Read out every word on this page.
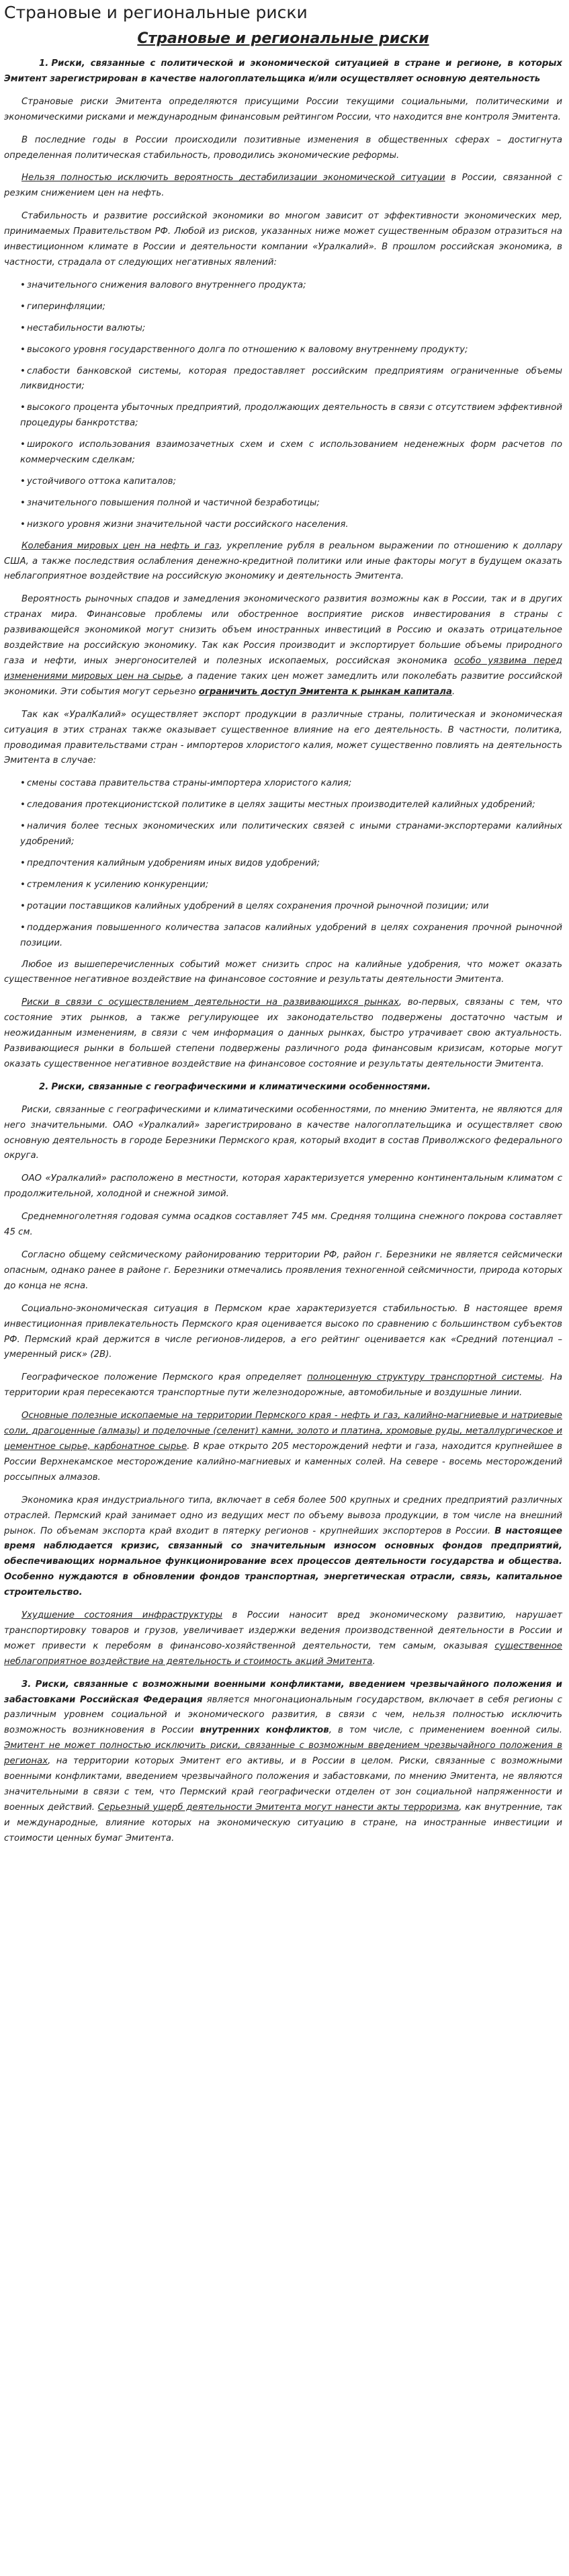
Страновые и региональные риски
Страновые и региональные риски

1. Риски, связанные с политической и экономической ситуацией в стране и регионе, в которых Эмитент зарегистрирован в качестве налогоплательщика и/или осуществляет основную деятельность

Страновые риски Эмитента определяются присущими России текущими социальными, политическими и экономическими рисками и международным финансовым рейтингом России, что находится вне контроля Эмитента.

В последние годы в России происходили позитивные изменения в общественных сферах – достигнута определенная политическая стабильность, проводились экономические реформы.

Нельзя полностью исключить вероятность дестабилизации экономической ситуации в России, связанной с резким снижением цен на нефть.

Стабильность и развитие российской экономики во многом зависит от эффективности экономических мер, принимаемых Правительством РФ. Любой из рисков, указанных ниже может существенным образом отразиться на инвестиционном климате в России и деятельности компании «Уралкалий». В прошлом российская экономика, в частности, страдала от следующих негативных явлений:

• значительного снижения валового внутреннего продукта;

• гиперинфляции;

• нестабильности валюты;

• высокого уровня государственного долга по отношению к валовому внутреннему продукту;

• слабости банковской системы, которая предоставляет российским предприятиям ограниченные объемы ликвидности;

• высокого процента убыточных предприятий, продолжающих деятельность в связи с отсутствием эффективной процедуры банкротства;

• широкого использования взаимозачетных схем и схем с использованием неденежных форм расчетов по коммерческим сделкам;

• устойчивого оттока капиталов;

• значительного повышения полной и частичной безработицы;

• низкого уровня жизни значительной части российского населения.

Колебания мировых цен на нефть и газ, укрепление рубля в реальном выражении по отношению к доллару США, а также последствия ослабления денежно-кредитной политики или иные факторы могут в будущем оказать неблагоприятное воздействие на российскую экономику и деятельность Эмитента.

Вероятность рыночных спадов и замедления экономического развития возможны как в России, так и в других странах мира. Финансовые проблемы или обостренное восприятие рисков инвестирования в страны с развивающейся экономикой могут снизить объем иностранных инвестиций в Россию и оказать отрицательное воздействие на российскую экономику. Так как Россия производит и экспортирует большие объемы природного газа и нефти, иных энергоносителей и полезных ископаемых, российская экономика особо уязвима перед изменениями мировых цен на сырье, а падение таких цен может замедлить или поколебать развитие российской экономики. Эти события могут серьезно ограничить доступ Эмитента к рынкам капитала.

Так как «УралКалий» осуществляет экспорт продукции в различные страны, политическая и экономическая ситуация в этих странах также оказывает существенное влияние на его деятельность. В частности, политика, проводимая правительствами стран - импортеров хлористого калия, может существенно повлиять на деятельность Эмитента в случае:

• смены состава правительства страны-импортера хлористого калия;

• следования протекционистской политике в целях защиты местных производителей калийных удобрений;

• наличия более тесных экономических или политических связей с иными странами-экспортерами калийных удобрений;

• предпочтения калийным удобрениям иных видов удобрений;

• стремления к усилению конкуренции;

• ротации поставщиков калийных удобрений в целях сохранения прочной рыночной позиции; или

• поддержания повышенного количества запасов калийных удобрений в целях сохранения прочной рыночной позиции.

Любое из вышеперечисленных событий может снизить спрос на калийные удобрения, что может оказать существенное негативное воздействие на финансовое состояние и результаты деятельности Эмитента.

Риски в связи с осуществлением деятельности на развивающихся рынках, во-первых, связаны с тем, что состояние этих рынков, а также регулирующее их законодательство подвержены достаточно частым и неожиданным изменениям, в связи с чем информация о данных рынках, быстро утрачивает свою актуальность. Развивающиеся рынки в большей степени подвержены различного рода финансовым кризисам, которые могут оказать существенное негативное воздействие на финансовое состояние и результаты деятельности Эмитента.

2. Риски, связанные с географическими и климатическими особенностями.

Риски, связанные с географическими и климатическими особенностями, по мнению Эмитента, не являются для него значительными. ОАО «Уралкалий» зарегистрировано в качестве налогоплательщика и осуществляет свою основную деятельность в городе Березники Пермского края, который входит в состав Приволжского федерального округа.

ОАО «Уралкалий» расположено в местности, которая характеризуется умеренно континентальным климатом с продолжительной, холодной и снежной зимой.

Среднемноголетняя годовая сумма осадков составляет 745 мм. Средняя толщина снежного покрова составляет 45 см.

Согласно общему сейсмическому районированию территории РФ, район г. Березники не является сейсмически опасным, однако ранее в районе г. Березники отмечались проявления техногенной сейсмичности, природа которых до конца не ясна.

Социально-экономическая ситуация в Пермском крае характеризуется стабильностью. В настоящее время инвестиционная привлекательность Пермского края оценивается высоко по сравнению с большинством субъектов РФ. Пермский край держится в числе регионов-лидеров, а его рейтинг оценивается как «Средний потенциал – умеренный риск» (2В).

Географическое положение Пермского края определяет полноценную структуру транспортной системы. На территории края пересекаются транспортные пути железнодорожные, автомобильные и воздушные линии.

Основные полезные ископаемые на территории Пермского края - нефть и газ, калийно-магниевые и натриевые соли, драгоценные (алмазы) и поделочные (селенит) камни, золото и платина, хромовые руды, металлургическое и цементное сырье, карбонатное сырье. В крае открыто 205 месторождений нефти и газа, находится крупнейшее в России Верхнекамское месторождение калийно-магниевых и каменных солей. На севере - восемь месторождений россыпных алмазов.

Экономика края индустриального типа, включает в себя более 500 крупных и средних предприятий различных отраслей. Пермский край занимает одно из ведущих мест по объему вывоза продукции, в том числе на внешний рынок. По объемам экспорта край входит в пятерку регионов - крупнейших экспортеров в России. В настоящее время наблюдается кризис, связанный со значительным износом основных фондов предприятий, обеспечивающих нормальное функционирование всех процессов деятельности государства и общества. Особенно нуждаются в обновлении фондов транспортная, энергетическая отрасли, связь, капитальное строительство.

Ухудшение состояния инфраструктуры в России наносит вред экономическому развитию, нарушает транспортировку товаров и грузов, увеличивает издержки ведения производственной деятельности в России и может привести к перебоям в финансово-хозяйственной деятельности, тем самым, оказывая существенное неблагоприятное воздействие на деятельность и стоимость акций Эмитента.

3. Риски, связанные с возможными военными конфликтами, введением чрезвычайного положения и забастовками Российская Федерация является многонациональным государством, включает в себя регионы с различным уровнем социальной и экономического развития, в связи с чем, нельзя полностью исключить возможность возникновения в России внутренних конфликтов, в том числе, с применением военной силы. Эмитент не может полностью исключить риски, связанные с возможным введением чрезвычайного положения в регионах, на территории которых Эмитент его активы, и в России в целом. Риски, связанные с возможными военными конфликтами, введением чрезвычайного положения и забастовками, по мнению Эмитента, не являются значительными в связи с тем, что Пермский край географически отделен от зон социальной напряженности и военных действий. Серьезный ущерб деятельности Эмитента могут нанести акты терроризма, как внутренние, так и международные, влияние которых на экономическую ситуацию в стране, на иностранные инвестиции и стоимости ценных бумаг Эмитента.
